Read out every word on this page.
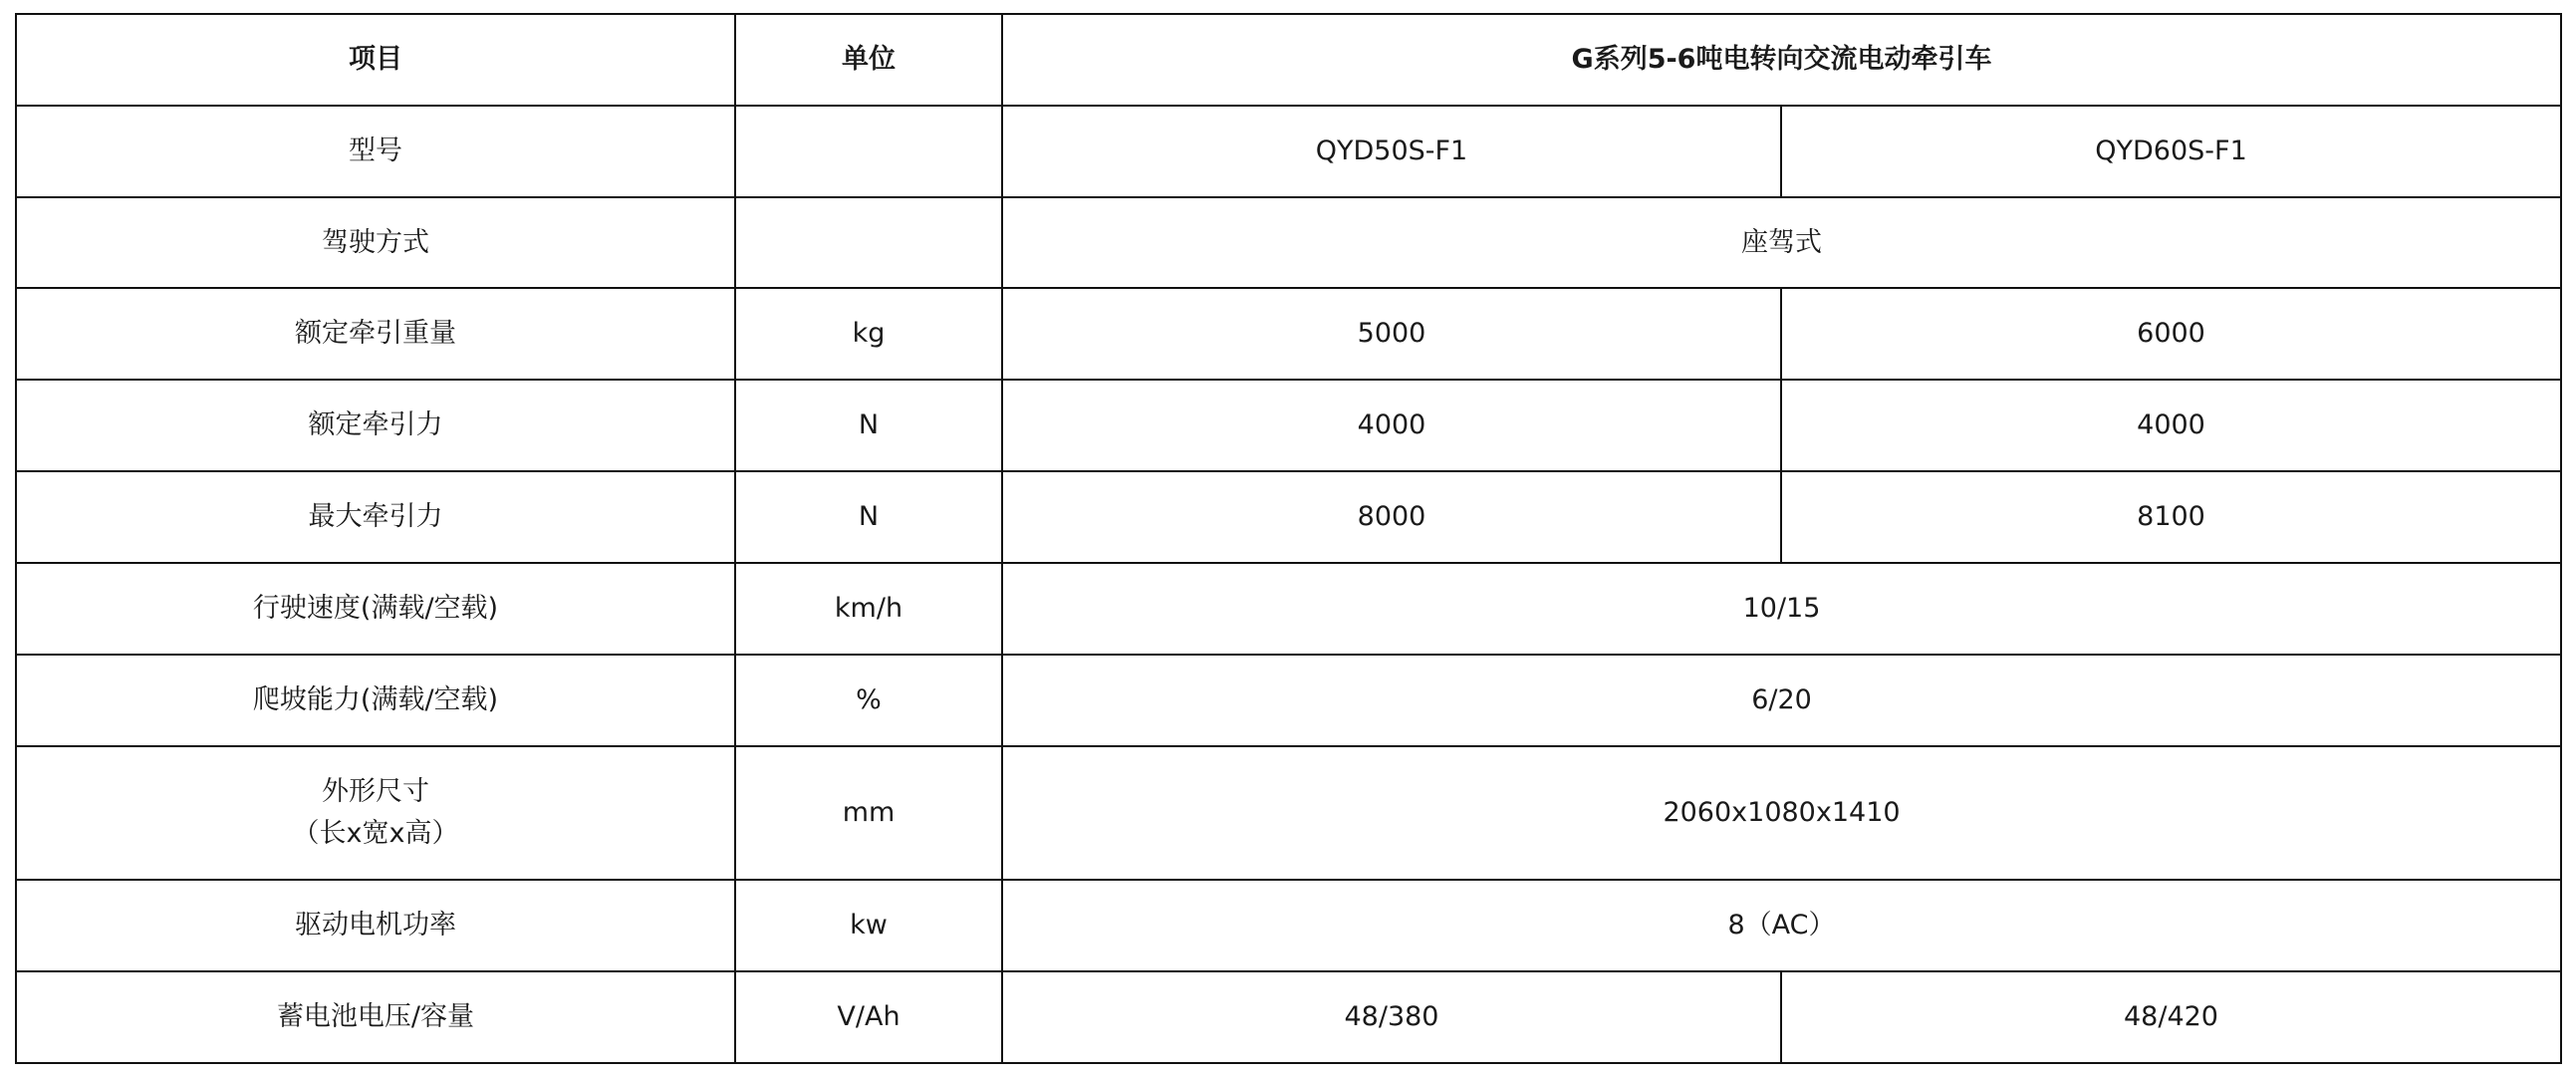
项目	单位	G系列5-6吨电转向交流电动牵引车	
型号		QYD50S-F1	QYD60S-F1
驾驶方式		座驾式	
额定牵引重量	kg	5000	6000
额定牵引力	N	4000	4000
最大牵引力	N	8000	8100
行驶速度(满载/空载)	km/h	10/15	
爬坡能力(满载/空载)	%	6/20	

外形尺寸
（长x宽x高）	mm	2060x1080x1410	
驱动电机功率	kw	8（AC）	
蓄电池电压/容量	V/Ah	48/380	48/420
